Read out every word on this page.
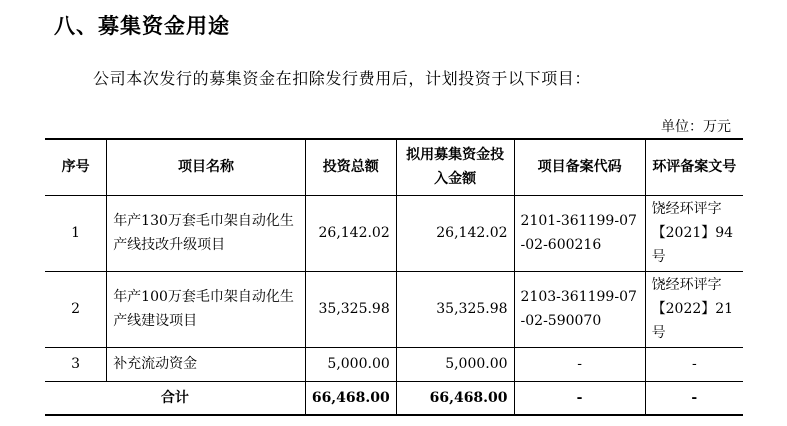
八、募集资金用途
公司本次发行的募集资金在扣除发行费用后，计划投资于以下项目：
单位：万元
序号	项目名称	投资总额	拟用募集资金投入金额	项目备案代码	环评备案文号
1	年产130万套毛巾架自动化生产线技改升级项目	26,142.02	26,142.02	2101-361199-07-02-600216	饶经环评字【2021】94号
2	年产100万套毛巾架自动化生产线建设项目	35,325.98	35,325.98	2103-361199-07-02-590070	饶经环评字【2022】21号
3	补充流动资金	5,000.00	5,000.00	-	-
合计		66,468.00	66,468.00	-	-
